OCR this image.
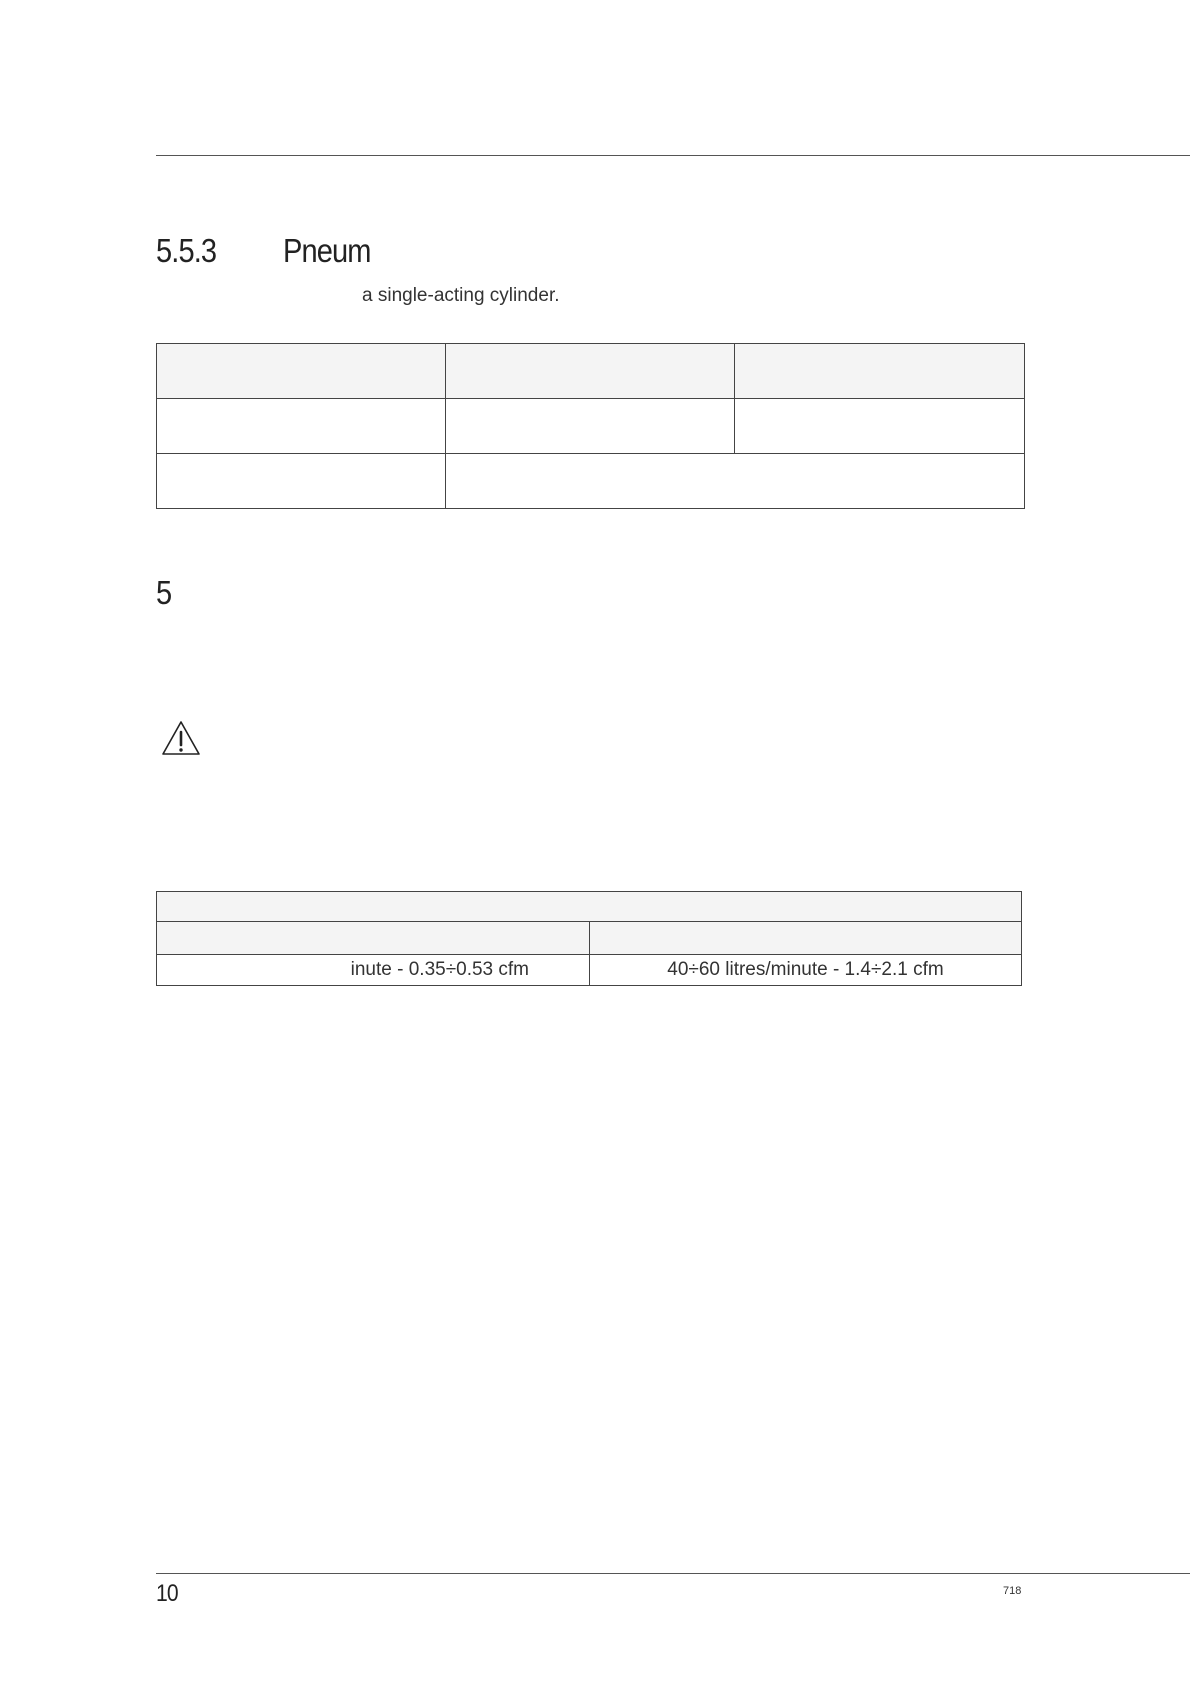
5.5.3 Pneum
a single-acting cylinder.

5

inute - 0.35÷0.53 cfm	40÷60 litres/minute - 1.4÷2.1 cfm
10	718
